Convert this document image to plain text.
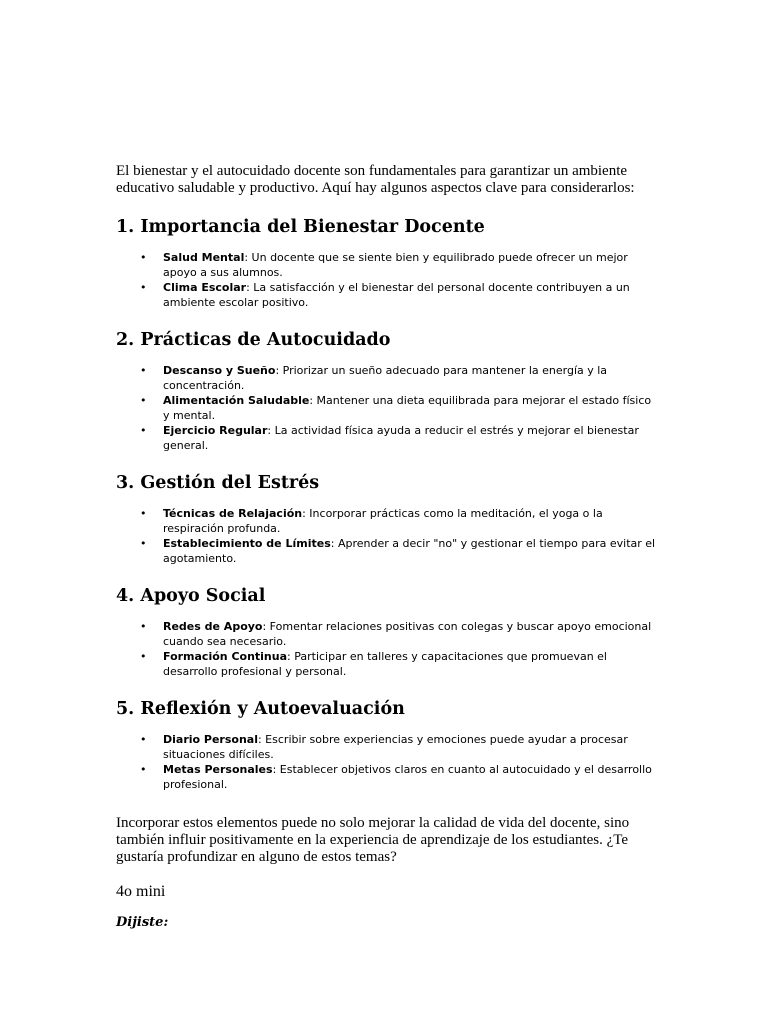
El bienestar y el autocuidado docente son fundamentales para garantizar un ambiente educativo saludable y productivo. Aquí hay algunos aspectos clave para considerarlos:

1. Importancia del Bienestar Docente
• Salud Mental: Un docente que se siente bien y equilibrado puede ofrecer un mejor apoyo a sus alumnos.
• Clima Escolar: La satisfacción y el bienestar del personal docente contribuyen a un ambiente escolar positivo.
2. Prácticas de Autocuidado
• Descanso y Sueño: Priorizar un sueño adecuado para mantener la energía y la concentración.
• Alimentación Saludable: Mantener una dieta equilibrada para mejorar el estado físico y mental.
• Ejercicio Regular: La actividad física ayuda a reducir el estrés y mejorar el bienestar general.
3. Gestión del Estrés
• Técnicas de Relajación: Incorporar prácticas como la meditación, el yoga o la respiración profunda.
• Establecimiento de Límites: Aprender a decir "no" y gestionar el tiempo para evitar el agotamiento.
4. Apoyo Social
• Redes de Apoyo: Fomentar relaciones positivas con colegas y buscar apoyo emocional cuando sea necesario.
• Formación Continua: Participar en talleres y capacitaciones que promuevan el desarrollo profesional y personal.
5. Reflexión y Autoevaluación
• Diario Personal: Escribir sobre experiencias y emociones puede ayudar a procesar situaciones difíciles.
• Metas Personales: Establecer objetivos claros en cuanto al autocuidado y el desarrollo profesional.

Incorporar estos elementos puede no solo mejorar la calidad de vida del docente, sino también influir positivamente en la experiencia de aprendizaje de los estudiantes. ¿Te gustaría profundizar en alguno de estos temas?

4o mini

Dijiste:
